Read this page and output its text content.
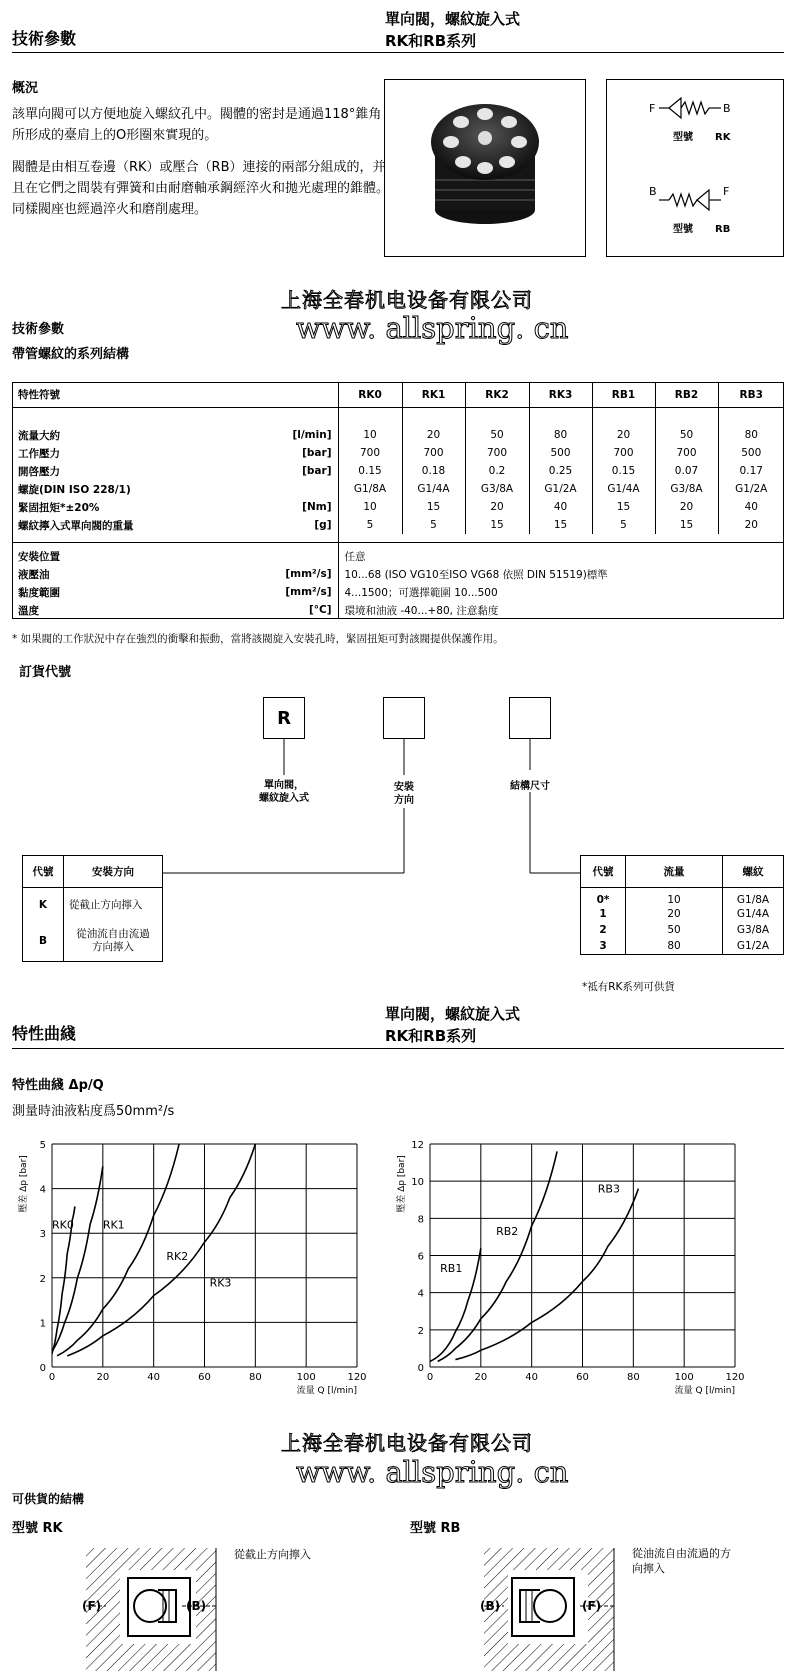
技術參數
單向閥，螺紋旋入式
RK和RB系列
概況
該單向閥可以方便地旋入螺紋孔中。閥體的密封是通過118°錐角所形成的臺肩上的O形圈來實現的。
閥體是由相互卷邊（RK）或壓合（RB）連接的兩部分組成的，并且在它們之間裝有彈簧和由耐磨軸承鋼經淬火和拋光處理的錐體。同樣閥座也經過淬火和磨削處理。
F	B
型號 RK
B	F
型號 RB
上海全春机电设备有限公司
www. allspring. cn
技術參數
帶管螺紋的系列結構
特性符號		RK0	RK1	RK2	RK3	RB1	RB2	RB3

流量大約	[l/min]	10	20	50	80	20	50	80
工作壓力	[bar]	700	700	700	500	700	700	500
開啓壓力	[bar]	0.15	0.18	0.2	0.25	0.15	0.07	0.17
螺旋(DIN ISO 228/1)		G1/8A	G1/4A	G3/8A	G1/2A	G1/4A	G3/8A	G1/2A
緊固扭矩*±20%	[Nm]	10	15	20	40	15	20	40
螺紋擰入式單向閥的重量	[g]	5	5	15	15	5	15	20

安裝位置		任意						
液壓油	[mm²/s]	10...68 (ISO VG10至ISO VG68 依照 DIN 51519)標準						
黏度範圍	[mm²/s]	4...1500；可選擇範圍 10...500						
溫度	[°C]	環境和油液 -40...+80, 注意黏度						
* 如果閥的工作狀況中存在強烈的衝擊和振動，當將該閥旋入安裝孔時，緊固扭矩可對該閥提供保護作用。
訂貨代號
R
單向閥，
螺紋旋入式
安裝
方向
結構尺寸
代號	安裝方向
K	從截止方向擰入
B	從油流自由流過
方向擰入
代號	流量	螺紋
0*	10	G1/8A
1	20	G1/4A
2	50	G3/8A
3	80	G1/2A
*祗有RK系列可供貨
單向閥，螺紋旋入式
RK和RB系列
特性曲綫
特性曲綫 Δp/Q
測量時油液粘度爲50mm²/s
0	20	40	60	80	100	120
0
1
2
3
4
5
壓差 Δp [bar]
流量 Q [l/min]
RK0	RK1
RK2
RK3
0	20	40	60	80	100	120
0
2
4
6
8
10
12
壓差 Δp [bar]
流量 Q [l/min]
RB1
RB2
RB3
上海全春机电设备有限公司
www. allspring. cn
可供貨的結構
型號 RK	型號 RB
從截止方向擰入	從油流自由流過的方
向擰入
(F)	(B)	(B)	(F)
